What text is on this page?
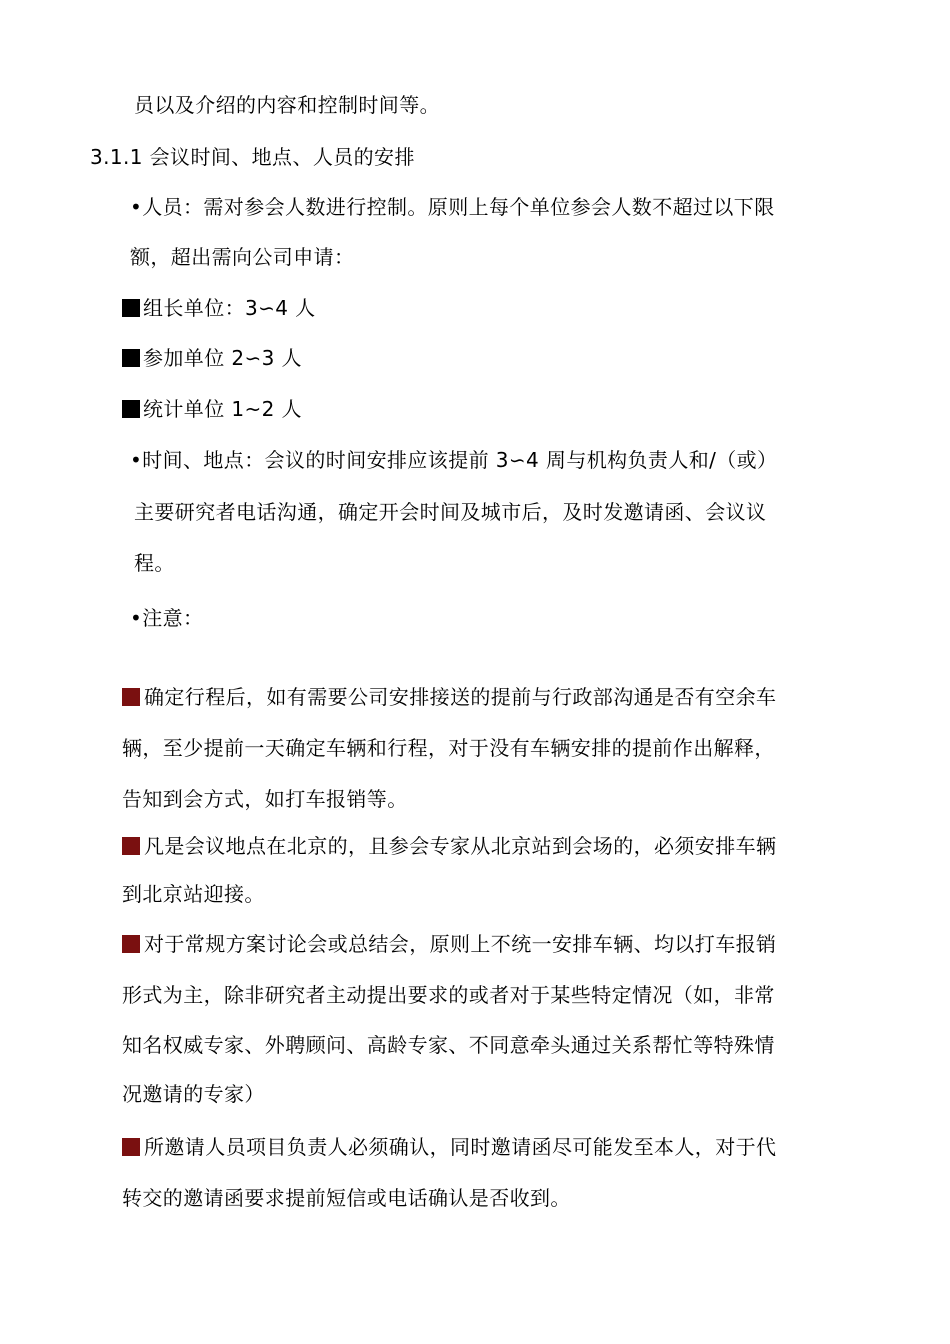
员以及介绍的内容和控制时间等。
3.1.1 会议时间、地点、人员的安排
•人员：需对参会人数进行控制。原则上每个单位参会人数不超过以下限
额，超出需向公司申请：
组长单位：3∽4 人
参加单位 2∽3 人
统计单位 1~2 人
•时间、地点：会议的时间安排应该提前 3∽4 周与机构负责人和/（或）
主要研究者电话沟通，确定开会时间及城市后，及时发邀请函、会议议
程。
•注意：
确定行程后，如有需要公司安排接送的提前与行政部沟通是否有空余车
辆，至少提前一天确定车辆和行程，对于没有车辆安排的提前作出解释，
告知到会方式，如打车报销等。
凡是会议地点在北京的，且参会专家从北京站到会场的，必须安排车辆
到北京站迎接。
对于常规方案讨论会或总结会，原则上不统一安排车辆、均以打车报销
形式为主，除非研究者主动提出要求的或者对于某些特定情况（如，非常
知名权威专家、外聘顾问、高龄专家、不同意牵头通过关系帮忙等特殊情
况邀请的专家）
所邀请人员项目负责人必须确认，同时邀请函尽可能发至本人，对于代
转交的邀请函要求提前短信或电话确认是否收到。
